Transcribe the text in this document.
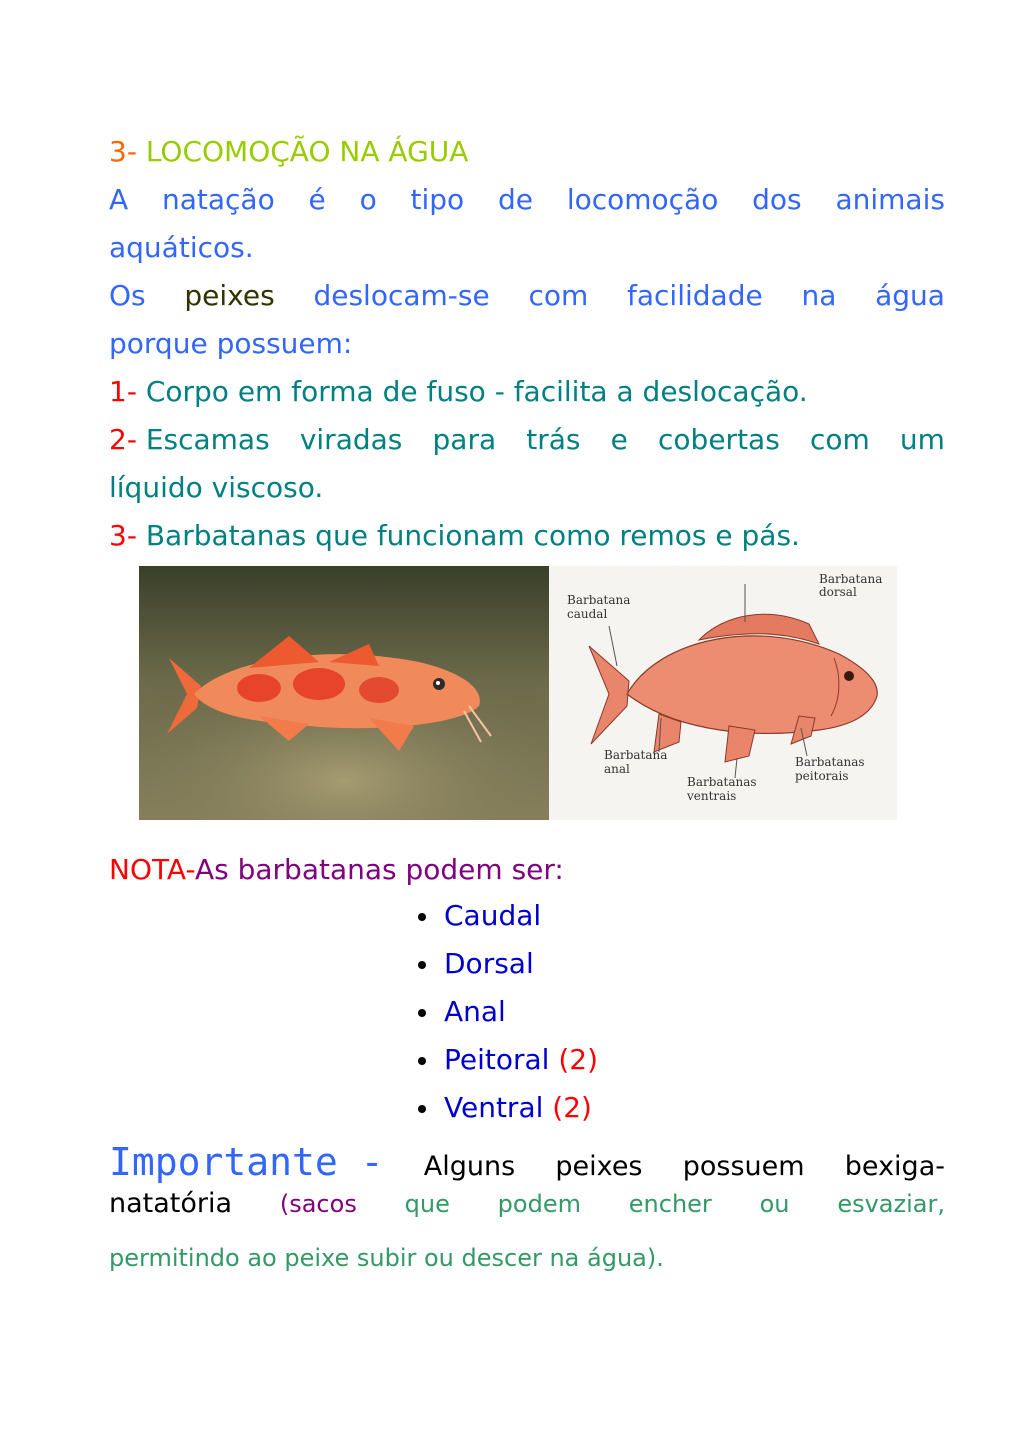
3- LOCOMOÇÃO NA ÁGUA
A natação é o tipo de locomoção dos animais
aquáticos.
Os peixes deslocam-se com facilidade na água
porque possuem:
1- Corpo em forma de fuso - facilita a deslocação.
2- Escamas viradas para trás e cobertas com um
líquido viscoso.
3- Barbatanas que funcionam como remos e pás.
Barbatana dorsal
Barbatana
caudal
Barbatana
anal
Barbatanas
ventrais
Barbatanas
peitorais
NOTA-As barbatanas podem ser:
Caudal
Dorsal
Anal
Peitoral (2)
Ventral (2)
Importante - Alguns peixes possuem bexiga-
natatória (sacos que podem encher ou esvaziar,
permitindo ao peixe subir ou descer na água).
